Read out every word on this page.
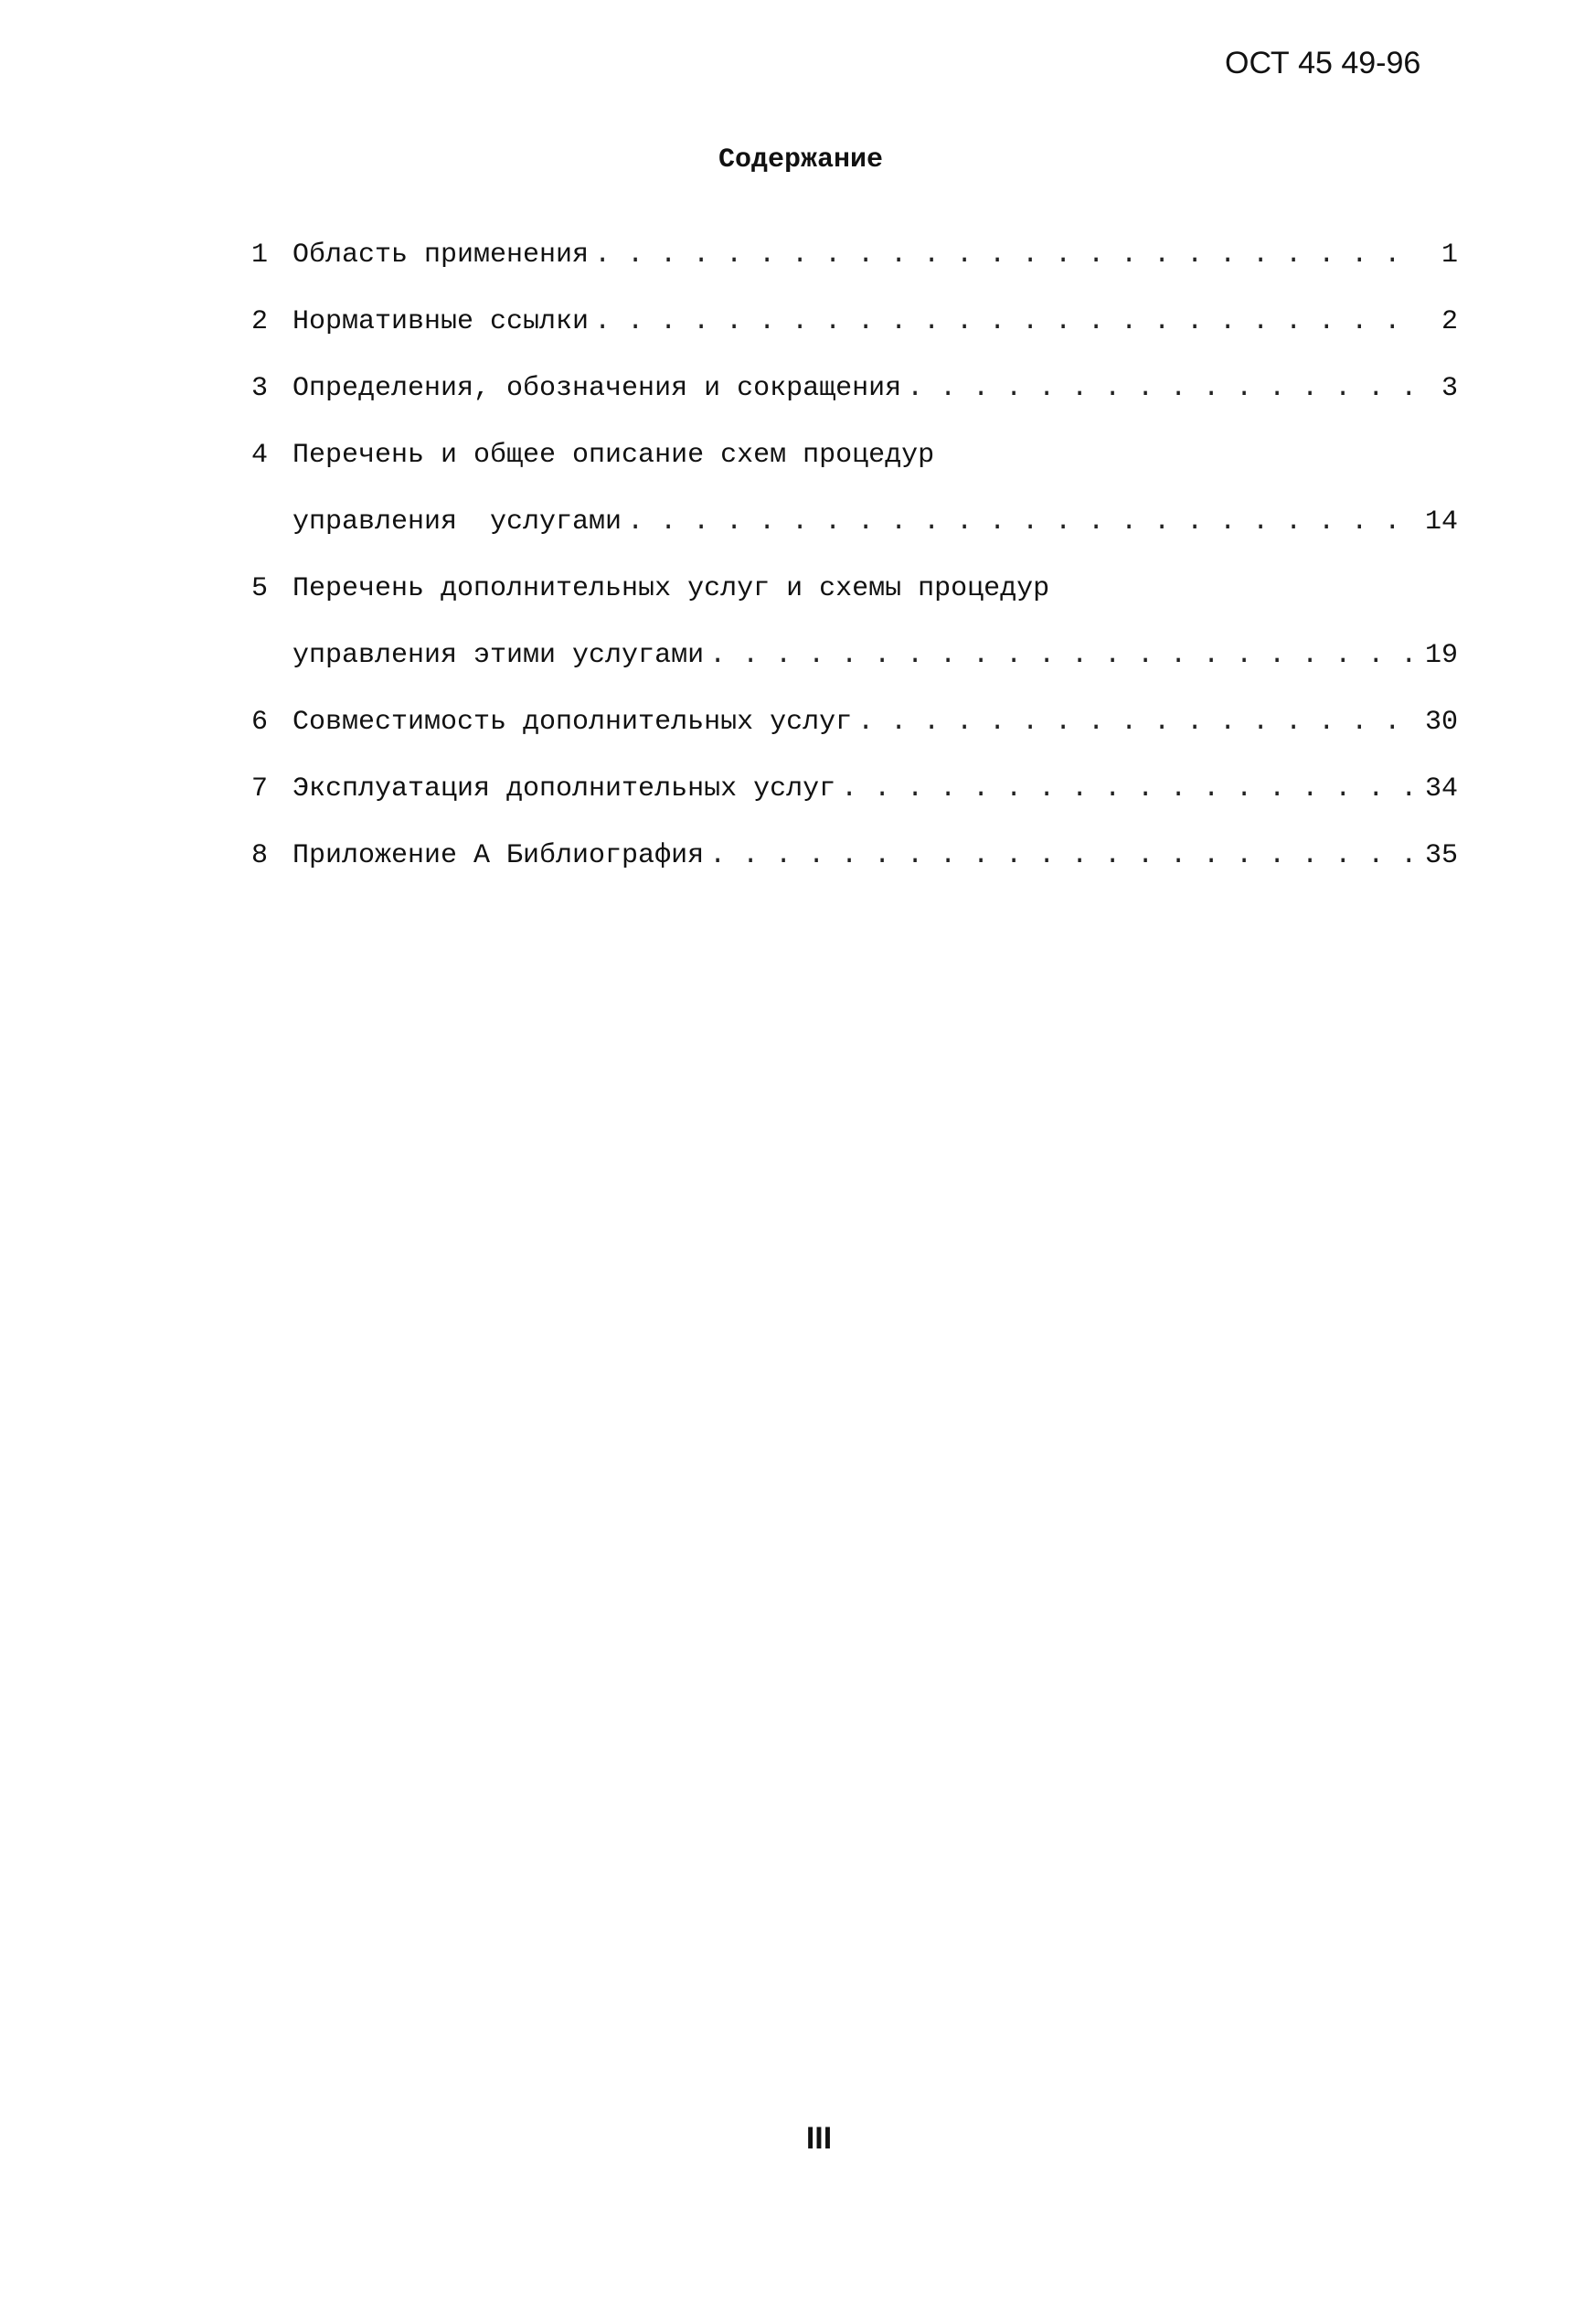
ОСТ 45 49-96
Содержание
1 Область применения . . .	1
2 Нормативные ссылки . . .	2
3 Определения, обозначения и сокращения . . .	3
4 Перечень и общее описание схем процедур
управления  услугами . . .	14
5 Перечень дополнительных услуг и схемы процедур
управления этими услугами . . .	19
6 Совместимость дополнительных услуг . . .	30
7 Эксплуатация дополнительных услуг . . .	34
8 Приложение А Библиография . . .	35
III
